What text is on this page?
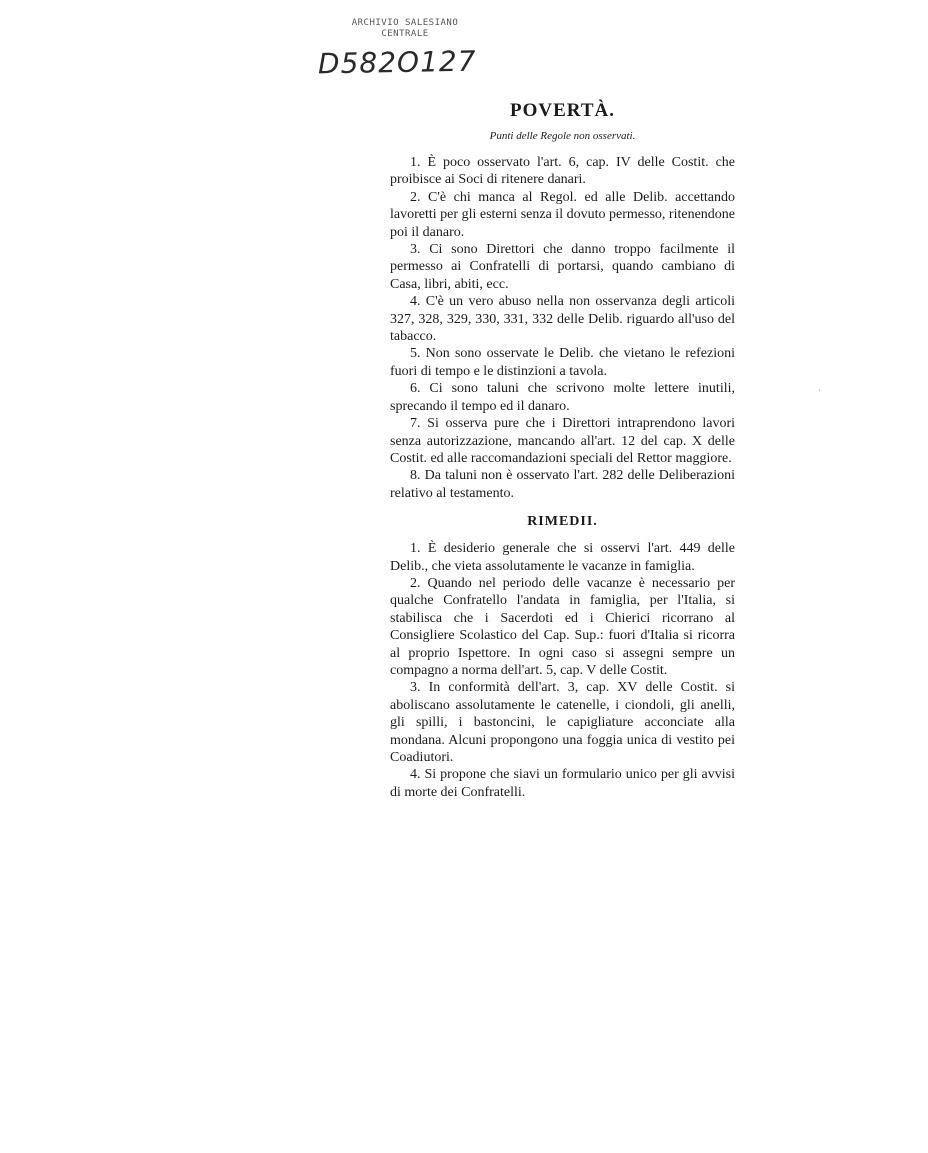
ARCHIVIO SALESIANO
CENTRALE
D582O127
·
POVERTÀ.

Punti delle Regole non osservati.

1. È poco osservato l'art. 6, cap. IV delle Costit. che proibisce ai Soci di ritenere danari.

2. C'è chi manca al Regol. ed alle Delib. accettando lavoretti per gli esterni senza il dovuto permesso, ritenendone poi il danaro.

3. Ci sono Direttori che danno troppo facilmente il permesso ai Confratelli di portarsi, quando cambiano di Casa, libri, abiti, ecc.

4. C'è un vero abuso nella non osservanza degli articoli 327, 328, 329, 330, 331, 332 delle Delib. riguardo all'uso del tabacco.

5. Non sono osservate le Delib. che vietano le refezioni fuori di tempo e le distinzioni a tavola.

6. Ci sono taluni che scrivono molte lettere inutili, sprecando il tempo ed il danaro.

7. Si osserva pure che i Direttori intraprendono lavori senza autorizzazione, mancando all'art. 12 del cap. X delle Costit. ed alle raccomandazioni speciali del Rettor maggiore.

8. Da taluni non è osservato l'art. 282 delle Deliberazioni relativo al testamento.

RIMEDII.

1. È desiderio generale che si osservi l'art. 449 delle Delib., che vieta assolutamente le vacanze in famiglia.

2. Quando nel periodo delle vacanze è necessario per qualche Confratello l'andata in famiglia, per l'Italia, si stabilisca che i Sacerdoti ed i Chierici ricorrano al Consigliere Scolastico del Cap. Sup.: fuori d'Italia si ricorra al proprio Ispettore. In ogni caso si assegni sempre un compagno a norma dell'art. 5, cap. V delle Costit.

3. In conformità dell'art. 3, cap. XV delle Costit. si aboliscano assolutamente le catenelle, i ciondoli, gli anelli, gli spilli, i bastoncini, le capigliature acconciate alla mondana. Alcuni propongono una foggia unica di vestito pei Coadiutori.

4. Si propone che siavi un formulario unico per gli avvisi di morte dei Confratelli.
